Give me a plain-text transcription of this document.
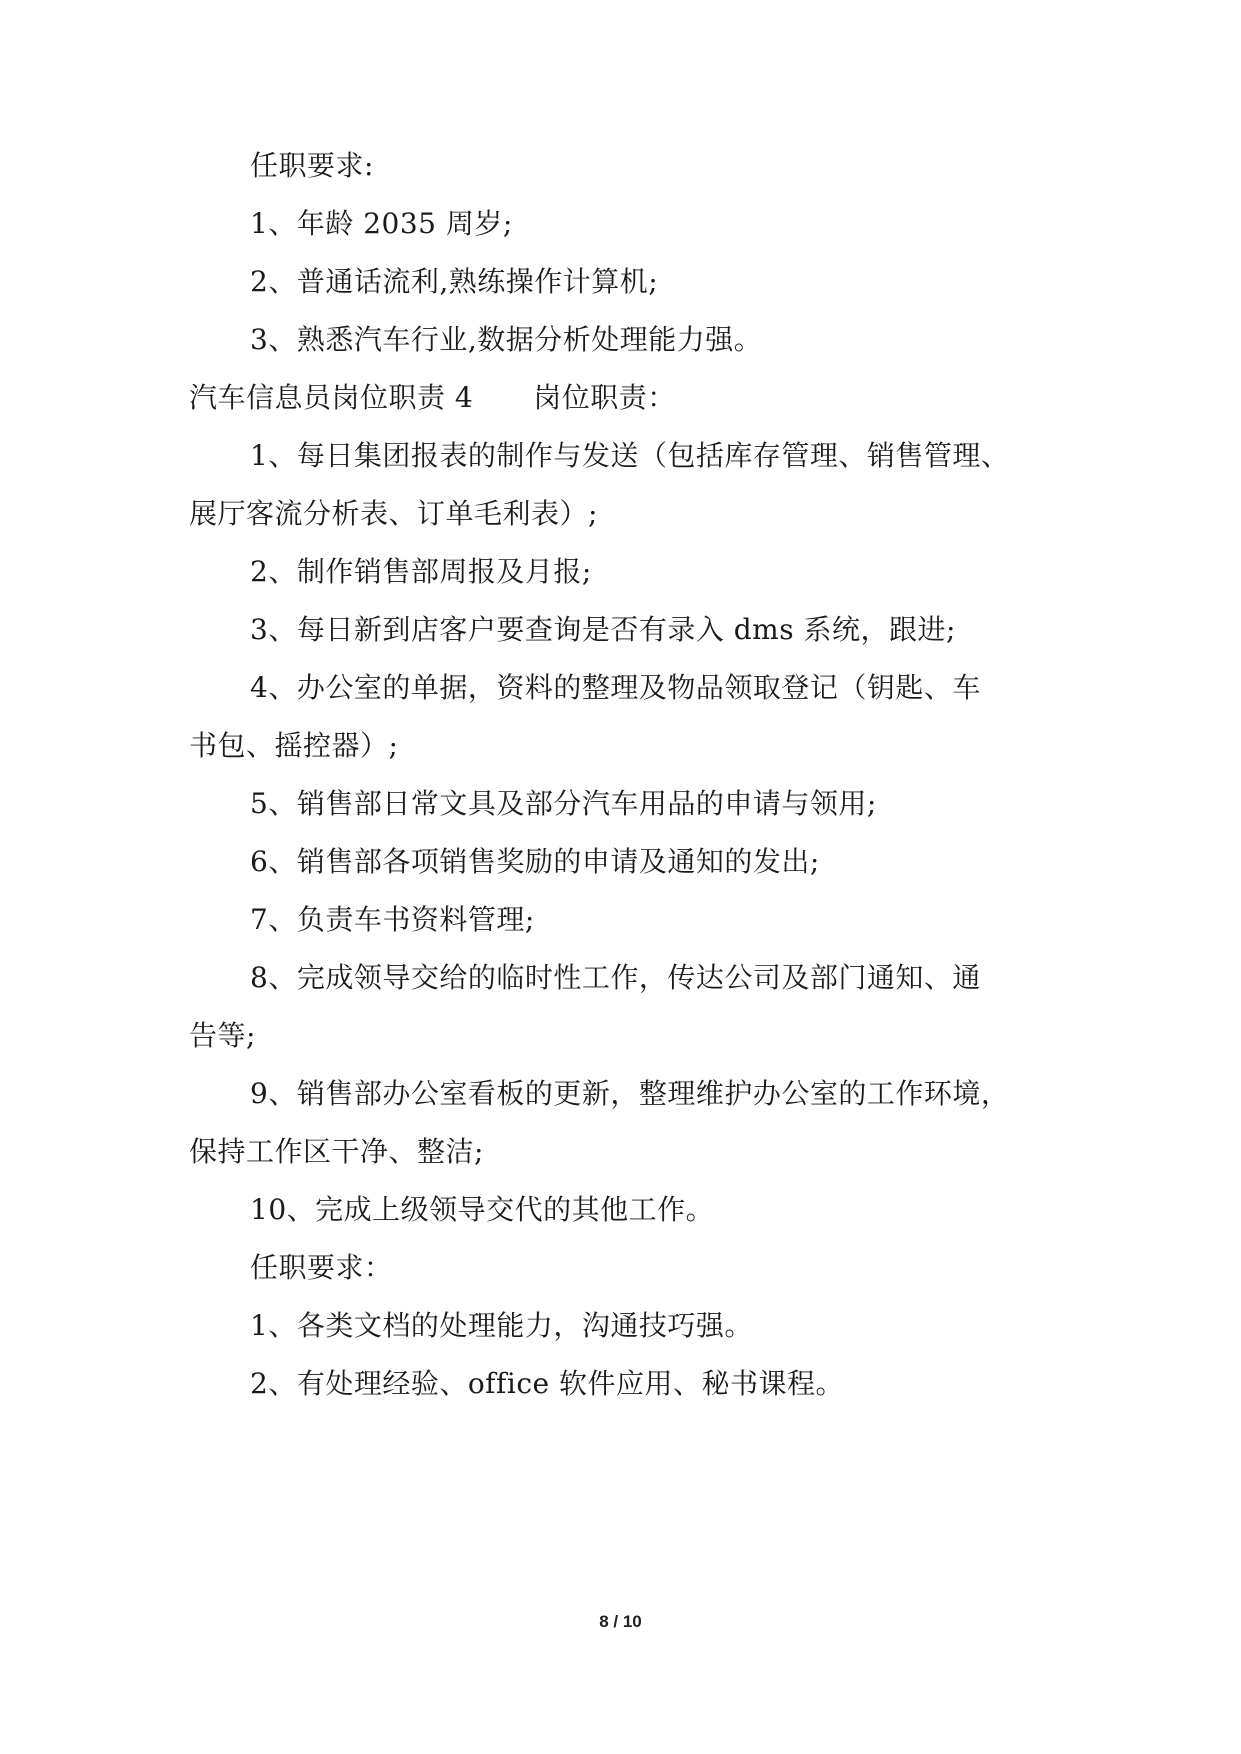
任职要求:
1、年龄 2035 周岁;
2、普通话流利,熟练操作计算机;
3、熟悉汽车行业,数据分析处理能力强。
汽车信息员岗位职责 4 岗位职责：
1、每日集团报表的制作与发送（包括库存管理、销售管理、
展厅客流分析表、订单毛利表）;
2、制作销售部周报及月报;
3、每日新到店客户要查询是否有录入 dms 系统，跟进;
4、办公室的单据，资料的整理及物品领取登记（钥匙、车
书包、摇控器）;
5、销售部日常文具及部分汽车用品的申请与领用;
6、销售部各项销售奖励的申请及通知的发出;
7、负责车书资料管理;
8、完成领导交给的临时性工作，传达公司及部门通知、通
告等;
9、销售部办公室看板的更新，整理维护办公室的工作环境，
保持工作区干净、整洁;
10、完成上级领导交代的其他工作。
任职要求：
1、各类文档的处理能力，沟通技巧强。
2、有处理经验、office 软件应用、秘书课程。
8 / 10
